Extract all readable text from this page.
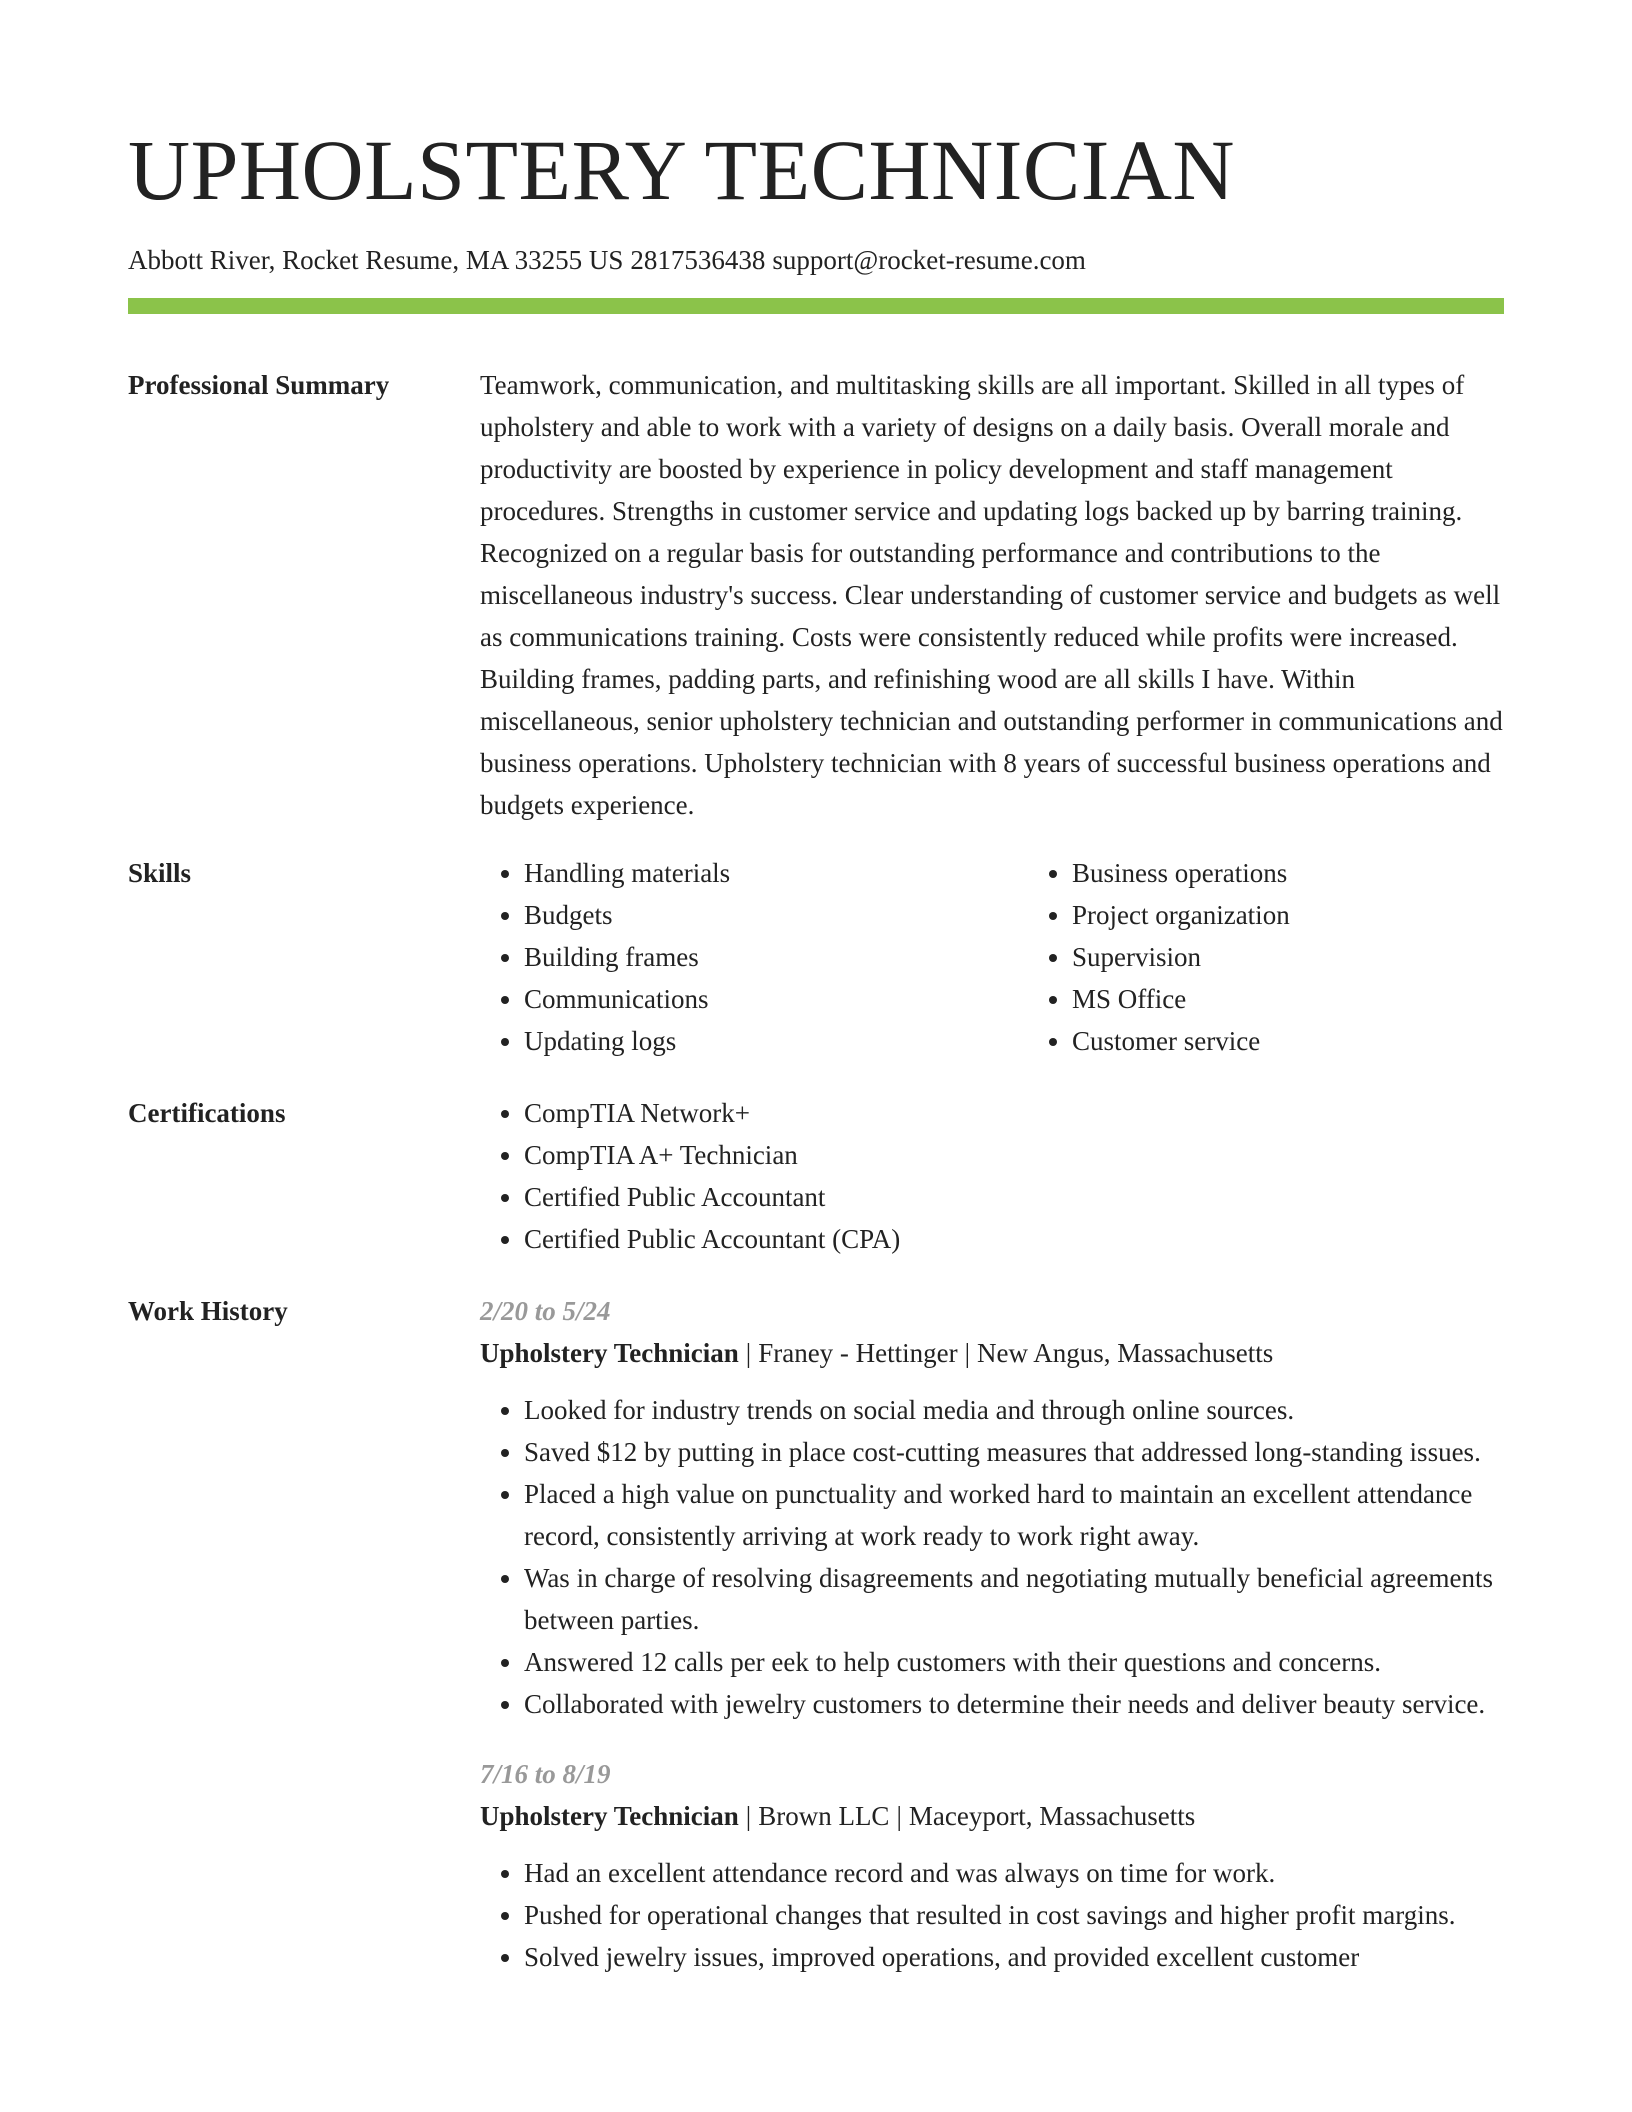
UPHOLSTERY TECHNICIAN
Abbott River, Rocket Resume, MA 33255 US 2817536438 support@rocket-resume.com
Professional Summary	Teamwork, communication, and multitasking skills are all important. Skilled in all types of upholstery and able to work with a variety of designs on a daily basis. Overall morale and productivity are boosted by experience in policy development and staff management procedures. Strengths in customer service and updating logs backed up by barring training. Recognized on a regular basis for outstanding performance and contributions to the miscellaneous industry's success. Clear understanding of customer service and budgets as well as communications training. Costs were consistently reduced while profits were increased. Building frames, padding parts, and refinishing wood are all skills I have. Within miscellaneous, senior upholstery technician and outstanding performer in communications and business operations. Upholstery technician with 8 years of successful business operations and budgets experience.

Skills	• Handling materials
• Budgets
• Building frames
• Communications
• Updating logs
• Business operations
• Project organization
• Supervision
• MS Office
• Customer service
Certifications	• CompTIA Network+
• CompTIA A+ Technician
• Certified Public Accountant
• Certified Public Accountant (CPA)
Work History	2/20 to 5/24
Upholstery Technician | Franey - Hettinger | New Angus, Massachusetts
• Looked for industry trends on social media and through online sources.
• Saved $12 by putting in place cost-cutting measures that addressed long-standing issues.
• Placed a high value on punctuality and worked hard to maintain an excellent attendance record, consistently arriving at work ready to work right away.
• Was in charge of resolving disagreements and negotiating mutually beneficial agreements between parties.
• Answered 12 calls per eek to help customers with their questions and concerns.
• Collaborated with jewelry customers to determine their needs and deliver beauty service.
7/16 to 8/19
Upholstery Technician | Brown LLC | Maceyport, Massachusetts
• Had an excellent attendance record and was always on time for work.
• Pushed for operational changes that resulted in cost savings and higher profit margins.
• Solved jewelry issues, improved operations, and provided excellent customer
